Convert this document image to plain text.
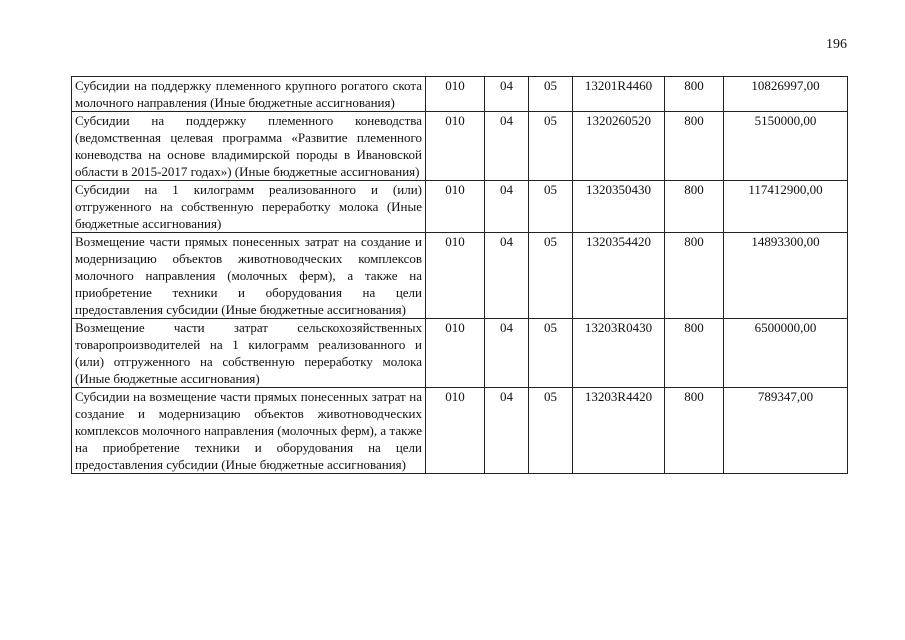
196
Субсидии на поддержку племенного крупного рогатого скота молочного направления (Иные бюджетные ассигнования)	010	04	05	13201R4460	800	10826997,00
Субсидии на поддержку племенного коневодства (ведомственная целевая программа «Развитие племенного коневодства на основе владимирской породы в Ивановской области в 2015-2017 годах») (Иные бюджетные ассигнования)	010	04	05	1320260520	800	5150000,00
Субсидии на 1 килограмм реализованного и (или) отгруженного на собственную переработку молока (Иные бюджетные ассигнования)	010	04	05	1320350430	800	117412900,00
Возмещение части прямых понесенных затрат на создание и модернизацию объектов животноводческих комплексов молочного направления (молочных ферм), а также на приобретение техники и оборудования на цели предоставления субсидии (Иные бюджетные ассигнования)	010	04	05	1320354420	800	14893300,00
Возмещение части затрат сельскохозяйственных товаропроизводителей на 1 килограмм реализованного и (или) отгруженного на собственную переработку молока (Иные бюджетные ассигнования)	010	04	05	13203R0430	800	6500000,00
Субсидии на возмещение части прямых понесенных затрат на создание и модернизацию объектов животноводческих комплексов молочного направления (молочных ферм), а также на приобретение техники и оборудования на цели предоставления субсидии (Иные бюджетные ассигнования)	010	04	05	13203R4420	800	789347,00
